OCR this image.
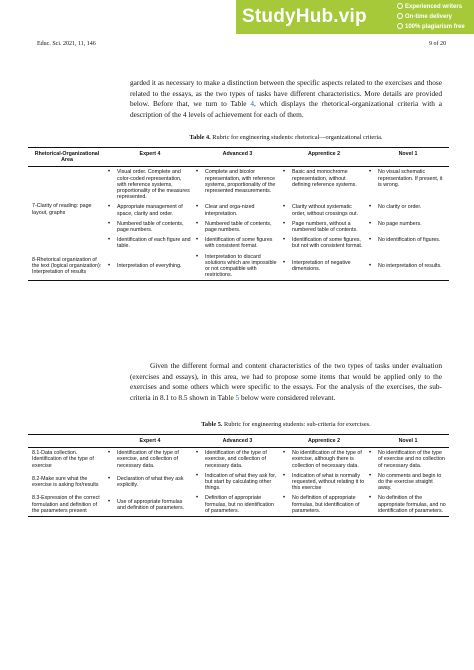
StudyHub.vip	Experienced writers
On-time delivery
100% plagiarism free
Educ. Sci. 2021, 11, 146	9 of 20

garded it as necessary to make a distinction between the specific aspects related to the exercises and those related to the essays, as the two types of tasks have different characteristics. More details are provided below. Before that, we turn to Table 4, which displays the rhetorical-organizational criteria with a description of the 4 levels of achievement for each of them.

Table 4. Rubric for engineering students: rhetorical—organizational criteria.
Rhetorical-Organizational Area	Expert 4	Advanced 3	Apprentice 2	Novel 1
7-Clarity of reading: page layout, graphs	• Visual order. Complete and color-coded representation, with reference systems, proportionality of the measures represented.	• Complete and bicolor representation, with reference systems, proportionality of the represented measurements.	• Basic and monochrome representation, without defining reference systems.	• No visual schematic representation. If present, it is wrong.

	• Appropriate management of space, clarity and order.	• Clear and orga-nized interpretation.	• Clarity without systematic order, without crossings out.	• No clarity or order.

	• Numbered table of contents, page numbers.	• Numbered table of contents, page numbers.	• Page numbers, without a numbered table of contents.	• No page numbers.

	• Identification of each figure and table.	• Identification of some figures with consistent format.	• Identification of some figures, but not with consistent format.	• No identification of figures.

8-Rhetorical organization of the text (logical organization): Interpretation of results	• Interpretation of everything.	• Interpretation to discard solutions which are impossible or not compatible with restrictions.	• Interpretation of negative dimensions.	• No interpretation of results.

Given the different formal and content characteristics of the two types of tasks under evaluation (exercises and essays), in this area, we had to propose some items that would be applied only to the exercises and some others which were specific to the essays. For the analysis of the exercises, the sub-criteria in 8.1 to 8.5 shown in Table 5 below were considered relevant.

Table 5. Rubric for engineering students: sub-criteria for exercises.
	Expert 4	Advanced 3	Apprentice 2	Novel 1
8.1-Data collection. Identification of the type of exercise	• Identification of the type of exercise, and collection of necessary data.	• Identification of the type of exercise, and collection of necessary data.	• No identification of the type of exercise, although there is collection of necessary data.	• No identification of the type of exercise and no collection of necessary data.

8.2-Make sure what the exercise is asking for/results	• Declaration of what they ask explicitly.	• Indication of what they ask for, but start by calculating other things.	• Indication of what is normally requested, without relating it to this exercise	• No comments and begin to do the exercise straight away.

8.3-Expression of the correct formulation and definition of the parameters present	• Use of appropriate formulas and definition of parameters.	• Definition of appropriate formulas, but no identification of parameters.	• No definition of appropriate formulas, but identification of parameters.	• No definition of the appropriate formulas, and no identification of parameters.
